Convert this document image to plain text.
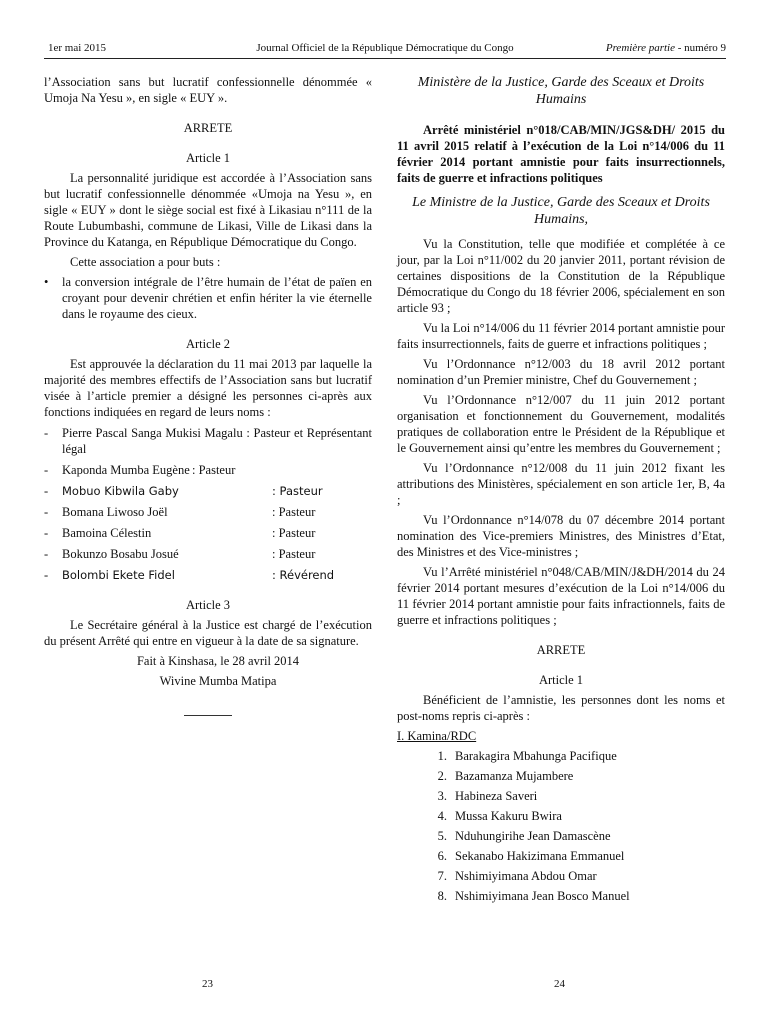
1er mai 2015	Journal Officiel de la République Démocratique du Congo	Première partie - numéro 9

l’Association sans but lucratif confessionnelle dénommée « Umoja Na Yesu », en sigle « EUY ».

ARRETE

Article 1

La personnalité juridique est accordée à l’Association sans but lucratif confessionnelle dénommée «Umoja na Yesu », en sigle « EUY » dont le siège social est fixé à Likasiau n°111 de la Route Lubumbashi, commune de Likasi, Ville de Likasi dans la Province du Katanga, en République Démocratique du Congo.

Cette association a pour buts :

•	la conversion intégrale de l’être humain de l’état de païen en croyant pour devenir chrétien et enfin hériter la vie éternelle dans le royaume des cieux.

Article 2

Est approuvée la déclaration du 11 mai 2013 par laquelle la majorité des membres effectifs de l’Association sans but lucratif visée à l’article premier a désigné les personnes ci-après aux fonctions indiquées en regard de leurs noms :

-	Pierre Pascal Sanga Mukisi Magalu : Pasteur et Représentant légal
-	Kaponda Mumba Eugène : Pasteur
-	Mobuo Kibwila Gaby	: Pasteur
-	Bomana Liwoso Joël	: Pasteur
-	Bamoina Célestin	: Pasteur
-	Bokunzo Bosabu Josué	: Pasteur
-	Bolombi Ekete Fidel	: Révérend

Article 3

Le Secrétaire général à la Justice est chargé de l’exécution du présent Arrêté qui entre en vigueur à la date de sa signature.

Fait à Kinshasa, le 28 avril 2014

Wivine Mumba Matipa

Ministère de la Justice, Garde des Sceaux et Droits Humains

Arrêté ministériel n°018/CAB/MIN/JGS&DH/ 2015 du 11 avril 2015 relatif à l’exécution de la Loi n°14/006 du 11 février 2014 portant amnistie pour faits insurrectionnels, faits de guerre et infractions politiques

Le Ministre de la Justice, Garde des Sceaux et Droits Humains,

Vu la Constitution, telle que modifiée et complétée à ce jour, par la Loi n°11/002 du 20 janvier 2011, portant révision de certaines dispositions de la Constitution de la République Démocratique du Congo du 18 février 2006, spécialement en son article 93 ;

Vu la Loi n°14/006 du 11 février 2014 portant amnistie pour faits insurrectionnels, faits de guerre et infractions politiques ;

Vu l’Ordonnance n°12/003 du 18 avril 2012 portant nomination d’un Premier ministre, Chef du Gouvernement ;

Vu l’Ordonnance n°12/007 du 11 juin 2012 portant organisation et fonctionnement du Gouvernement, modalités pratiques de collaboration entre le Président de la République et le Gouvernement ainsi qu’entre les membres du Gouvernement ;

Vu l’Ordonnance n°12/008 du 11 juin 2012 fixant les attributions des Ministères, spécialement en son article 1er, B, 4a ;

Vu l’Ordonnance n°14/078 du 07 décembre 2014 portant nomination des Vice-premiers Ministres, des Ministres d’Etat, des Ministres et des Vice-ministres ;

Vu l’Arrêté ministériel n°048/CAB/MIN/J&DH/2014 du 24 février 2014 portant mesures d’exécution de la Loi n°14/006 du 11 février 2014 portant amnistie pour faits infractionnels, faits de guerre et infractions politiques ;

ARRETE

Article 1

Bénéficient de l’amnistie, les personnes dont les noms et post-noms repris ci-après :

I. Kamina/RDC

1. Barakagira Mbahunga Pacifique
2. Bazamanza Mujambere
3. Habineza Saveri
4. Mussa Kakuru Bwira
5. Nduhungirihe Jean Damascène
6. Sekanabo Hakizimana Emmanuel
7. Nshimiyimana Abdou Omar
8. Nshimiyimana Jean Bosco Manuel
23	24
